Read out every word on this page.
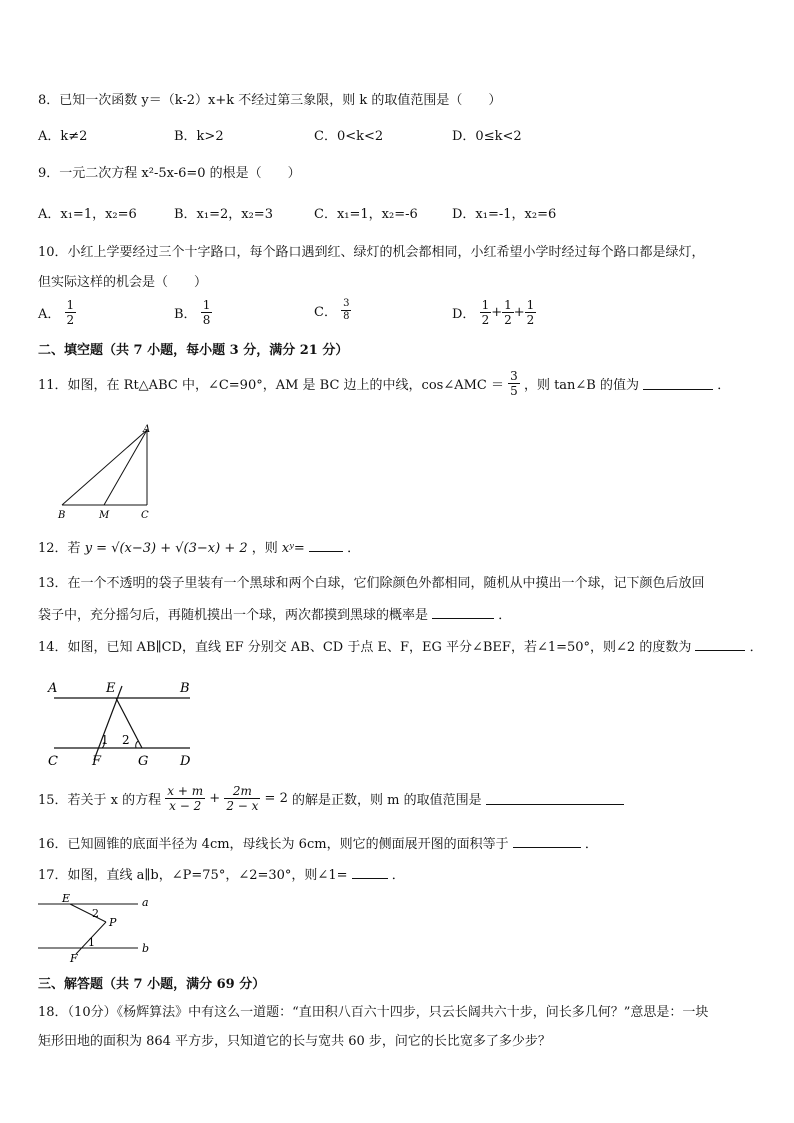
8．已知一次函数 y＝（k-2）x+k 不经过第三象限，则 k 的取值范围是（　　）
A．k≠2	B．k>2	C．0<k<2	D．0≤k<2
9．一元二次方程 x²-5x-6=0 的根是（　　）
A．x₁=1，x₂=6	B．x₁=2，x₂=3	C．x₁=1，x₂=-6	D．x₁=-1，x₂=6
10．小红上学要经过三个十字路口，每个路口遇到红、绿灯的机会都相同，小红希望小学时经过每个路口都是绿灯，
但实际这样的机会是（　　）
A． $\frac{1}{2}$	B． $\frac{1}{8}$	C． $\frac{3}{8}$	D． $\frac{1}{2} + \frac{1}{2} + \frac{1}{2}$
二、填空题（共 7 小题，每小题 3 分，满分 21 分）
11．如图，在 Rt△ABC 中，∠C=90°，AM 是 BC 边上的中线，cos∠AMC ＝ $\frac{3}{5}$ ，则 tan∠B 的值为	．
A
B	M	C
12．若 y = √(x−3) + √(3−x) + 2 ，则 xʸ=	．
13．在一个不透明的袋子里装有一个黑球和两个白球，它们除颜色外都相同，随机从中摸出一个球，记下颜色后放回
袋子中，充分摇匀后，再随机摸出一个球，两次都摸到黑球的概率是	．
14．如图，已知 AB∥CD，直线 EF 分别交 AB、CD 于点 E、F，EG 平分∠BEF，若∠1=50°，则∠2 的度数为	．
A	E	B
C	F	G D
1 2
15．若关于 x 的方程 $\frac{x + m}{x - 2} + \frac{2m}{2 - x} = 2$ 的解是正数，则 m 的取值范围是
16．已知圆锥的底面半径为 4cm，母线长为 6cm，则它的侧面展开图的面积等于	．
17．如图，直线 a∥b，∠P=75°，∠2=30°，则∠1=	．
E	a
2
P
1	b
F
三、解答题（共 7 小题，满分 69 分）
18．（10分）《杨辉算法》中有这么一道题：“直田积八百六十四步，只云长阔共六十步，问长多几何？”意思是：一块
矩形田地的面积为 864 平方步，只知道它的长与宽共 60 步，问它的长比宽多了多少步？
